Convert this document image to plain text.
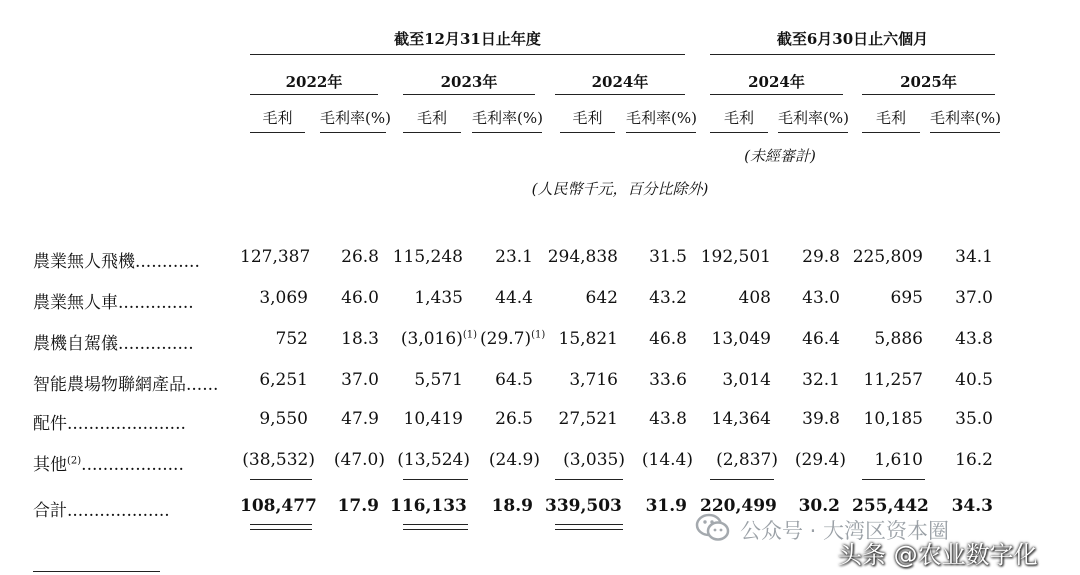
截至12月31日止年度	截至6月30日止六個月
2022年	2023年	2024年	2024年	2025年
毛利	毛利率(%)	毛利	毛利率(%)	毛利	毛利率(%)	毛利	毛利率(%)	毛利	毛利率(%)
(未經審計)
(人民幣千元，百分比除外)
農業無人飛機............ 127,387	26.8 115,248	23.1 294,838	31.5 192,501	29.8 225,809	34.1
農業無人車..............	3,069	46.0	1,435	44.4	642	43.2	408	43.0	695	37.0
農機自駕儀..............	752	18.3	$(3,016)^{(1)}$ $(29.7)^{(1)}$ 15,821	46.8	13,049	46.4	5,886	43.8
智能農場物聯網產品......	6,251	37.0	5,571	64.5	3,716	33.6	3,014	32.1	11,257	40.5
配件......................	9,550	47.9	10,419	26.5	27,521	43.8	14,364	39.8	10,185	35.0
其他$^{(2)}$...................	(38,532)	(47.0) (13,524)	(24.9)	(3,035) (14.4)	(2,837) (29.4)	1,610	16.2
合計...................	108,477	17.9 116,133	18.9 339,503	31.9 220,499	30.2 255,442	34.3
公众号 · 大湾区资本圈
头条 @农业数字化
